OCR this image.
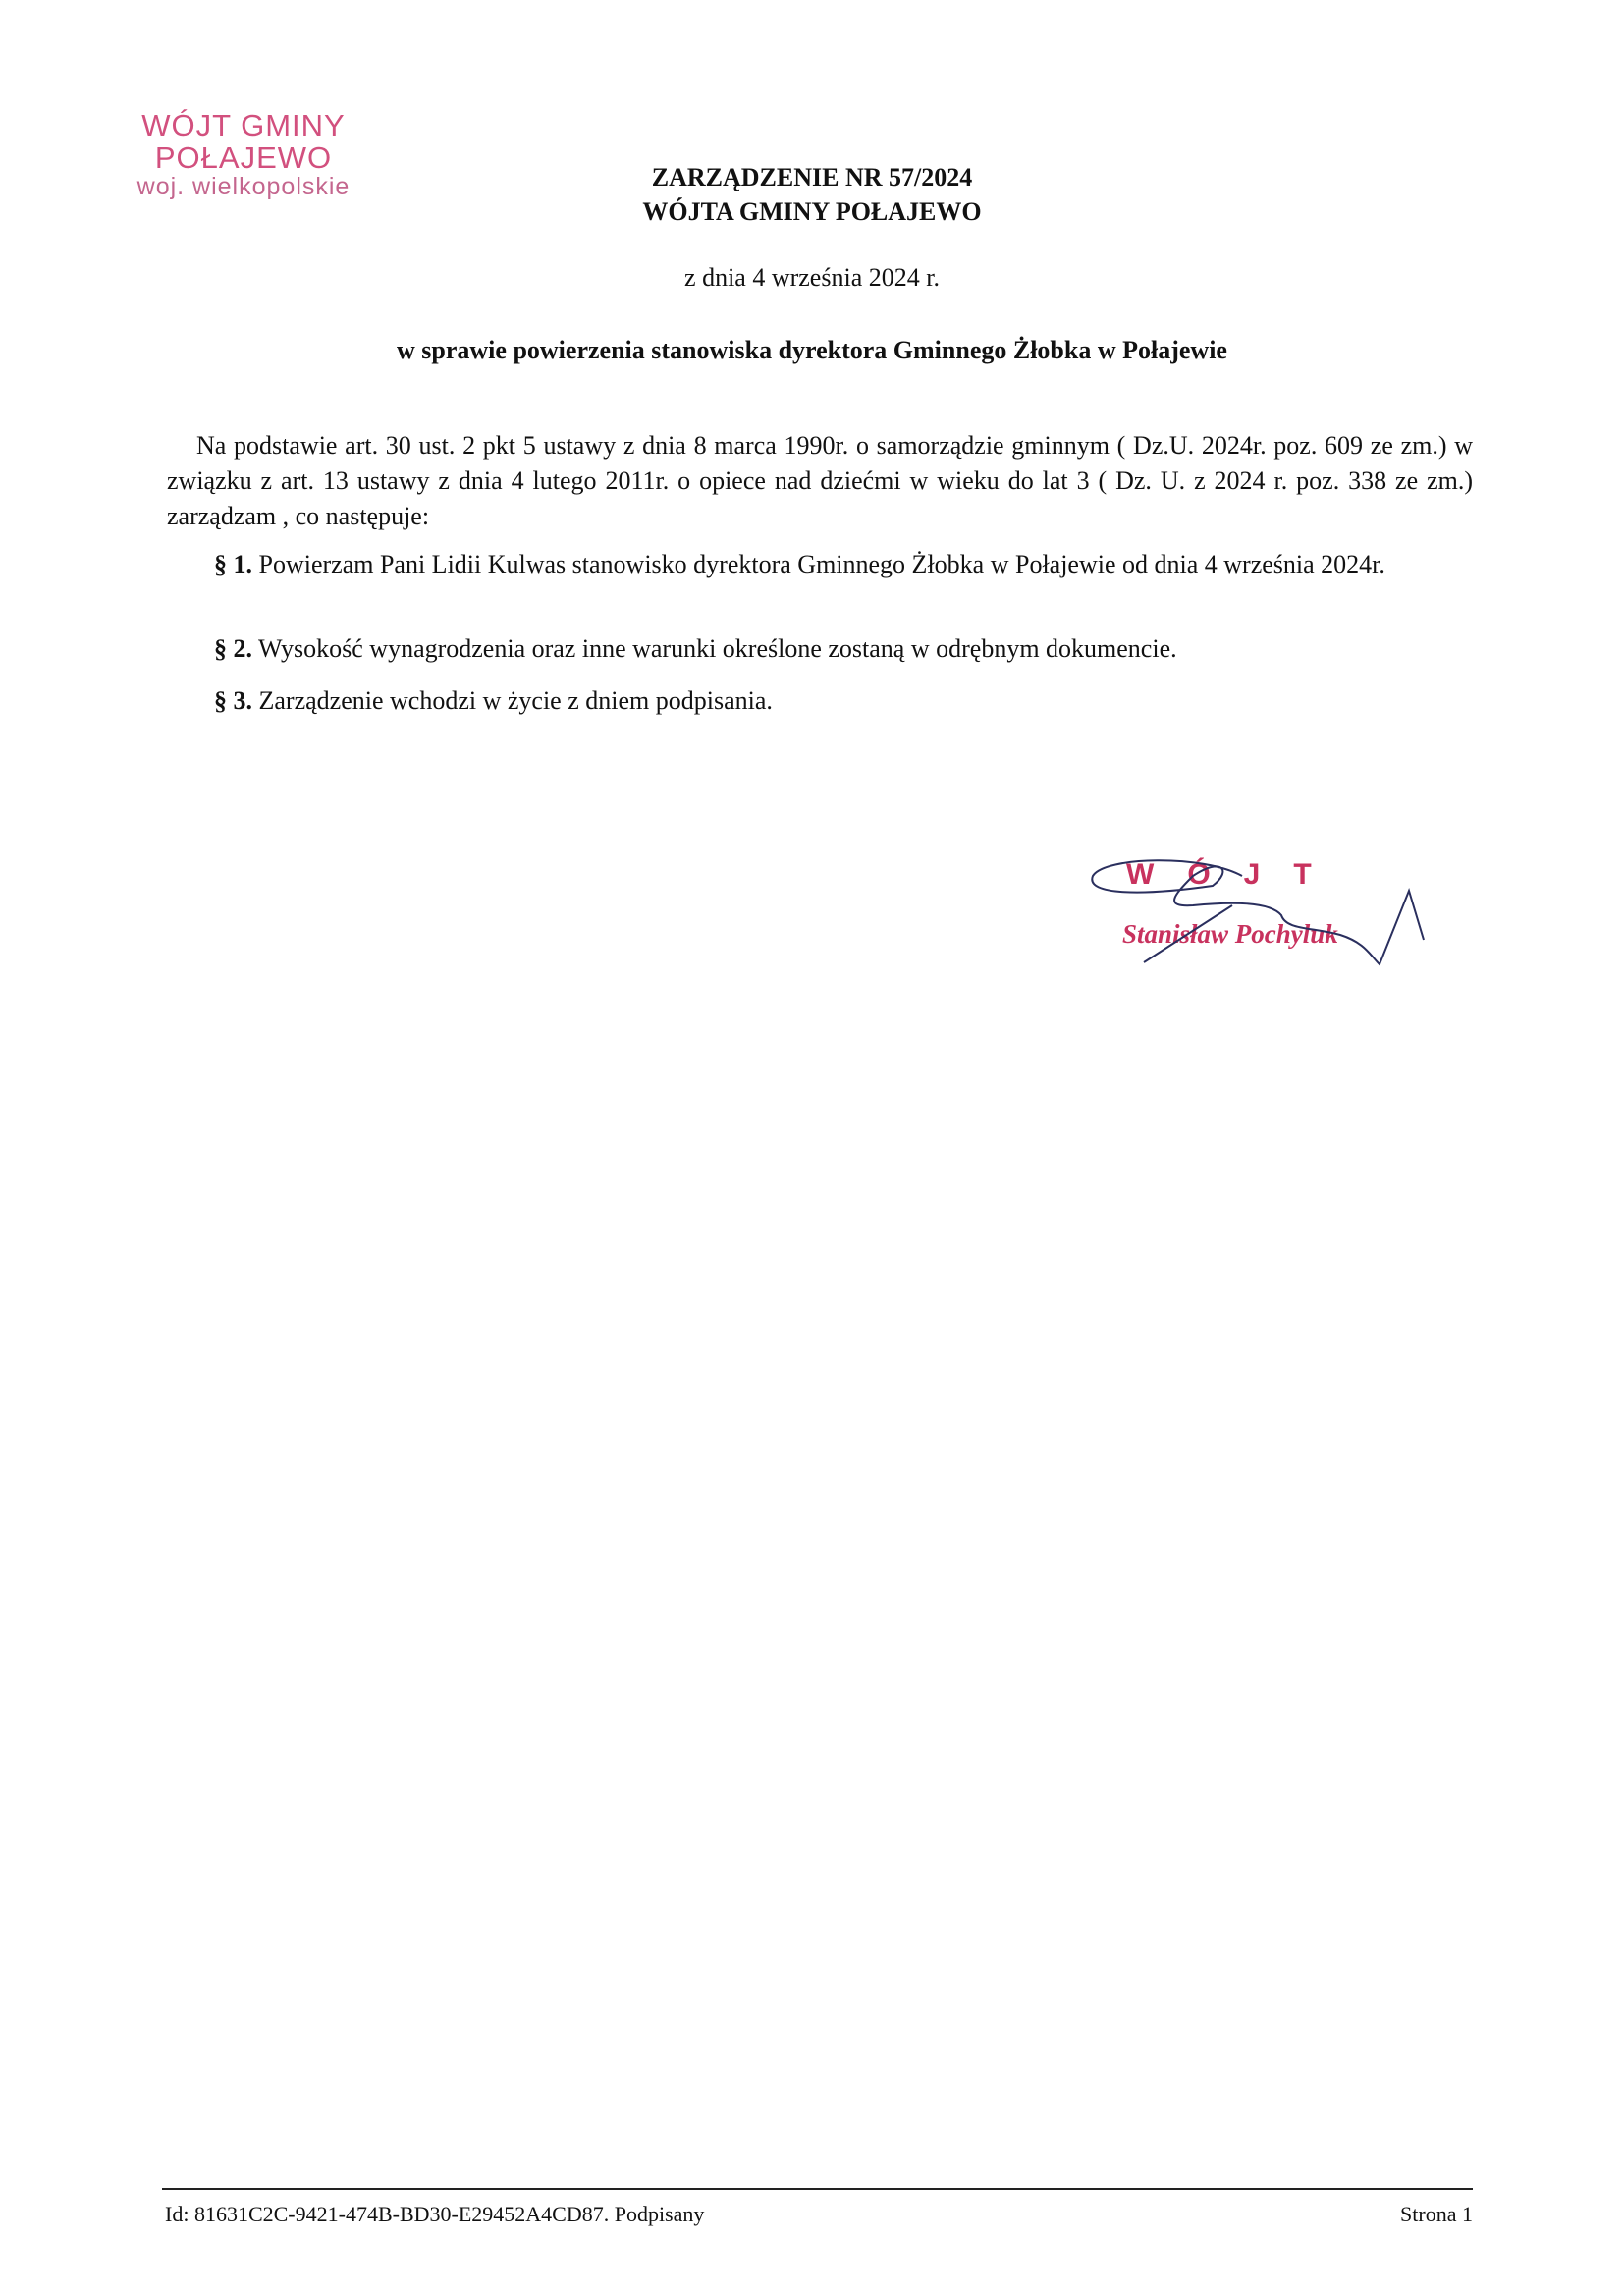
WÓJT GMINY
POŁAJEWO
woj. wielkopolskie	ZARZĄDZENIE NR 57/2024
WÓJTA GMINY POŁAJEWO
z dnia 4 września 2024 r.
w sprawie powierzenia stanowiska dyrektora Gminnego Żłobka w Połajewie
Na podstawie art. 30 ust. 2 pkt 5 ustawy z dnia 8 marca 1990r. o samorządzie gminnym ( Dz.U. 2024r. poz. 609 ze zm.) w związku z art. 13 ustawy z dnia 4 lutego 2011r. o opiece nad dziećmi w wieku do lat 3 ( Dz. U. z 2024 r. poz. 338 ze zm.) zarządzam , co następuje:
§ 1. Powierzam Pani Lidii Kulwas stanowisko dyrektora Gminnego Żłobka w Połajewie od dnia 4 września 2024r.
§ 2. Wysokość wynagrodzenia oraz inne warunki określone zostaną w odrębnym dokumencie.
§ 3. Zarządzenie wchodzi w życie z dniem podpisania.
WÓJT
Stanisław Pochyluk
Id: 81631C2C-9421-474B-BD30-E29452A4CD87. Podpisany	Strona 1
